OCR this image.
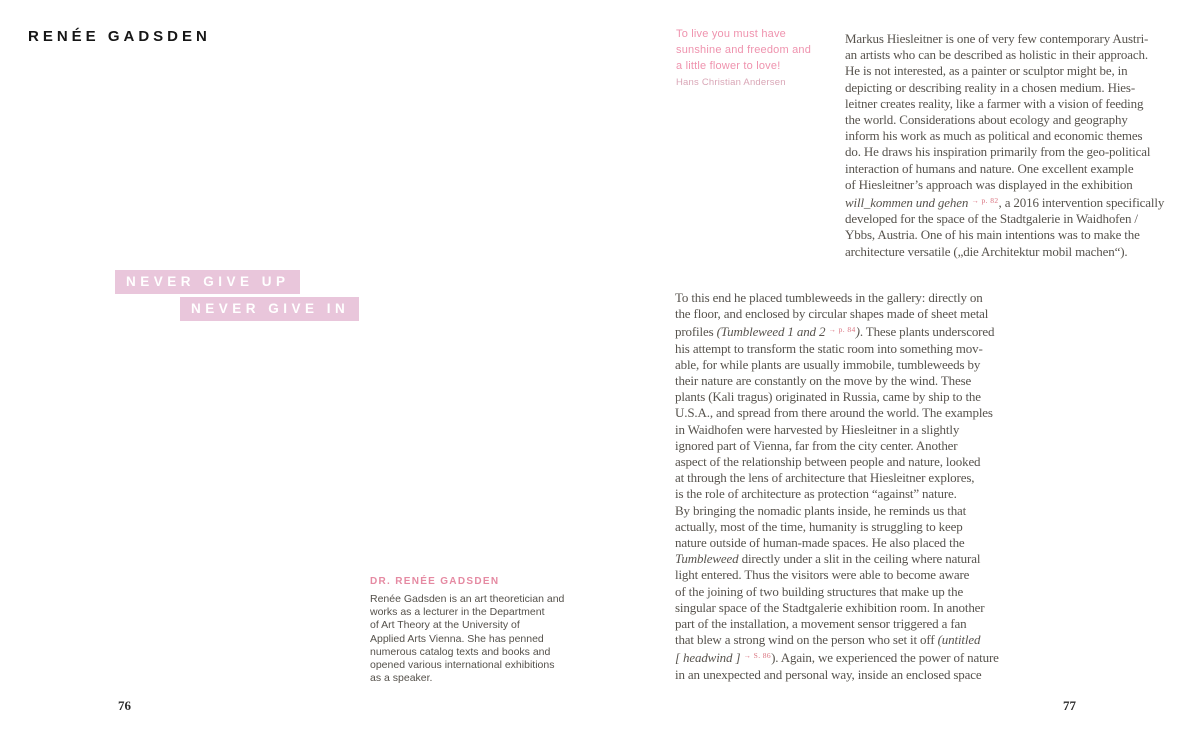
RENÉE GADSDEN
NEVER GIVE UP
NEVER GIVE IN
DR. RENÉE GADSDEN
Renée Gadsden is an art theoretician and
works as a lecturer in the Department
of Art Theory at the University of
Applied Arts Vienna. She has penned
numerous catalog texts and books and
opened various international exhibitions
as a speaker.
76
To live you must have
sunshine and freedom and
a little flower to love!
Hans Christian Andersen
Markus Hiesleitner is one of very few contemporary Austri-
an artists who can be described as holistic in their approach.
He is not interested, as a painter or sculptor might be, in
depicting or describing reality in a chosen medium. Hies-
leitner creates reality, like a farmer with a vision of feeding
the world. Considerations about ecology and geography
inform his work as much as political and economic themes
do. He draws his inspiration primarily from the geo-political
interaction of humans and nature. One excellent example
of Hiesleitner’s approach was displayed in the exhibition
will_kommen und gehen $^{\to p. 82}$, a 2016 intervention specifically
developed for the space of the Stadtgalerie in Waidhofen /
Ybbs, Austria. One of his main intentions was to make the
architecture versatile („die Architektur mobil machen“).
To this end he placed tumbleweeds in the gallery: directly on
the floor, and enclosed by circular shapes made of sheet metal
profiles (Tumbleweed 1 and 2 $^{\to p. 84}$). These plants underscored
his attempt to transform the static room into something mov-
able, for while plants are usually immobile, tumbleweeds by
their nature are constantly on the move by the wind. These
plants (Kali tragus) originated in Russia, came by ship to the
U.S.A., and spread from there around the world. The examples
in Waidhofen were harvested by Hiesleitner in a slightly
ignored part of Vienna, far from the city center. Another
aspect of the relationship between people and nature, looked
at through the lens of architecture that Hiesleitner explores,
is the role of architecture as protection “against” nature.
By bringing the nomadic plants inside, he reminds us that
actually, most of the time, humanity is struggling to keep
nature outside of human-made spaces. He also placed the
Tumbleweed directly under a slit in the ceiling where natural
light entered. Thus the visitors were able to become aware
of the joining of two building structures that make up the
singular space of the Stadtgalerie exhibition room. In another
part of the installation, a movement sensor triggered a fan
that blew a strong wind on the person who set it off (untitled
[ headwind ] $^{\to S. 86}$). Again, we experienced the power of nature
in an unexpected and personal way, inside an enclosed space
77
